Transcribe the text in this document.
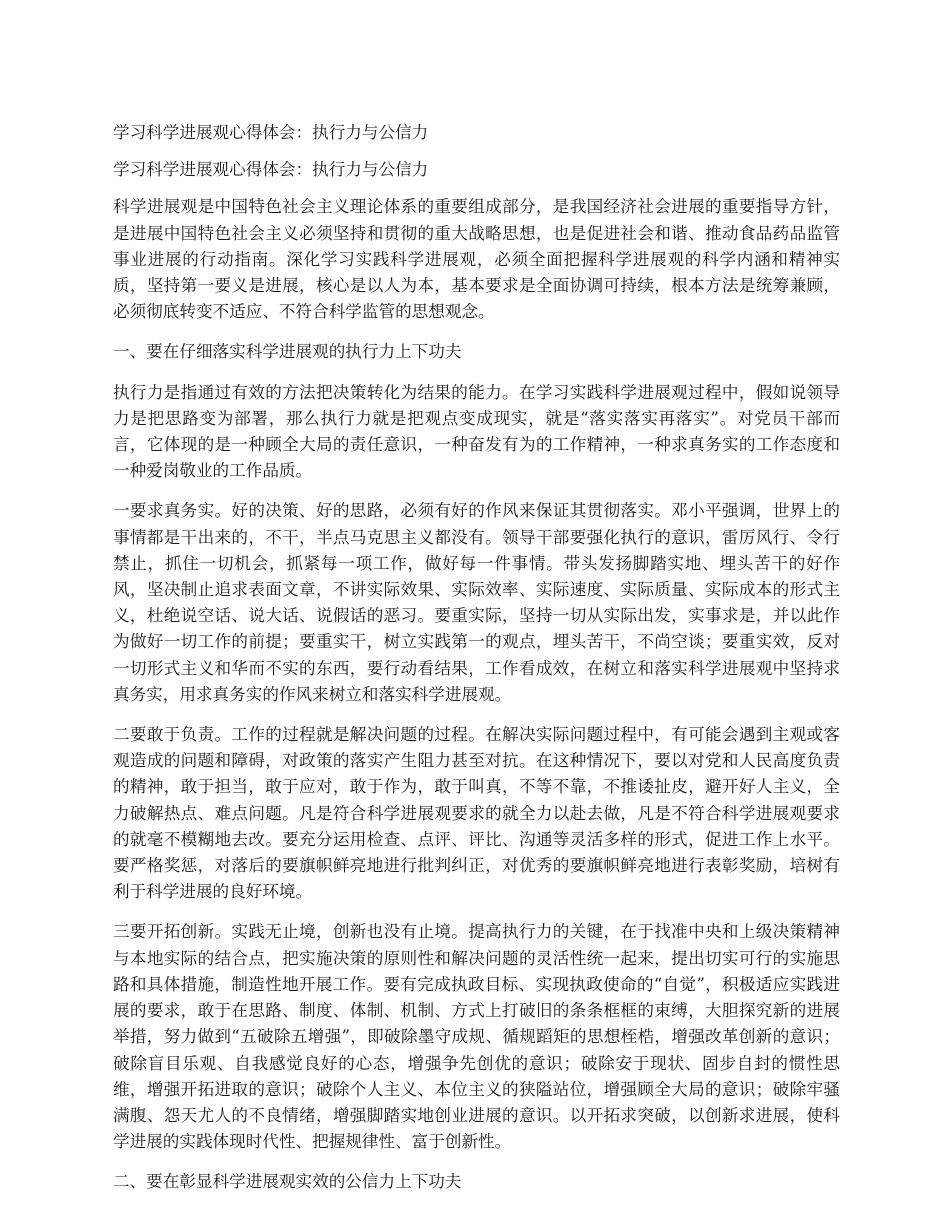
学习科学进展观心得体会：执行力与公信力

学习科学进展观心得体会：执行力与公信力

科学进展观是中国特色社会主义理论体系的重要组成部分，是我国经济社会进展的重要指导方针，是进展中国特色社会主义必须坚持和贯彻的重大战略思想，也是促进社会和谐、推动食品药品监管事业进展的行动指南。深化学习实践科学进展观，必须全面把握科学进展观的科学内涵和精神实质，坚持第一要义是进展，核心是以人为本，基本要求是全面协调可持续，根本方法是统筹兼顾，必须彻底转变不适应、不符合科学监管的思想观念。

一、要在仔细落实科学进展观的执行力上下功夫

执行力是指通过有效的方法把决策转化为结果的能力。在学习实践科学进展观过程中，假如说领导力是把思路变为部署，那么执行力就是把观点变成现实，就是“落实落实再落实”。对党员干部而言，它体现的是一种顾全大局的责任意识，一种奋发有为的工作精神，一种求真务实的工作态度和一种爱岗敬业的工作品质。

一要求真务实。好的决策、好的思路，必须有好的作风来保证其贯彻落实。邓小平强调，世界上的事情都是干出来的，不干，半点马克思主义都没有。领导干部要强化执行的意识，雷厉风行、令行禁止，抓住一切机会，抓紧每一项工作，做好每一件事情。带头发扬脚踏实地、埋头苦干的好作风，坚决制止追求表面文章，不讲实际效果、实际效率、实际速度、实际质量、实际成本的形式主义，杜绝说空话、说大话、说假话的恶习。要重实际，坚持一切从实际出发，实事求是，并以此作为做好一切工作的前提；要重实干，树立实践第一的观点，埋头苦干，不尚空谈；要重实效，反对一切形式主义和华而不实的东西，要行动看结果，工作看成效，在树立和落实科学进展观中坚持求真务实，用求真务实的作风来树立和落实科学进展观。

二要敢于负责。工作的过程就是解决问题的过程。在解决实际问题过程中，有可能会遇到主观或客观造成的问题和障碍，对政策的落实产生阻力甚至对抗。在这种情况下，要以对党和人民高度负责的精神，敢于担当，敢于应对，敢于作为，敢于叫真，不等不靠，不推诿扯皮，避开好人主义，全力破解热点、难点问题。凡是符合科学进展观要求的就全力以赴去做，凡是不符合科学进展观要求的就毫不模糊地去改。要充分运用检查、点评、评比、沟通等灵活多样的形式，促进工作上水平。要严格奖惩，对落后的要旗帜鲜亮地进行批判纠正，对优秀的要旗帜鲜亮地进行表彰奖励，培树有利于科学进展的良好环境。

三要开拓创新。实践无止境，创新也没有止境。提高执行力的关键，在于找准中央和上级决策精神与本地实际的结合点，把实施决策的原则性和解决问题的灵活性统一起来，提出切实可行的实施思路和具体措施，制造性地开展工作。要有完成执政目标、实现执政使命的“自觉”，积极适应实践进展的要求，敢于在思路、制度、体制、机制、方式上打破旧的条条框框的束缚，大胆探究新的进展举措，努力做到“五破除五增强”，即破除墨守成规、循规蹈矩的思想桎梏，增强改革创新的意识；破除盲目乐观、自我感觉良好的心态，增强争先创优的意识；破除安于现状、固步自封的惯性思维，增强开拓进取的意识；破除个人主义、本位主义的狭隘站位，增强顾全大局的意识；破除牢骚满腹、怨天尤人的不良情绪，增强脚踏实地创业进展的意识。以开拓求突破，以创新求进展，使科学进展的实践体现时代性、把握规律性、富于创新性。

二、要在彰显科学进展观实效的公信力上下功夫
